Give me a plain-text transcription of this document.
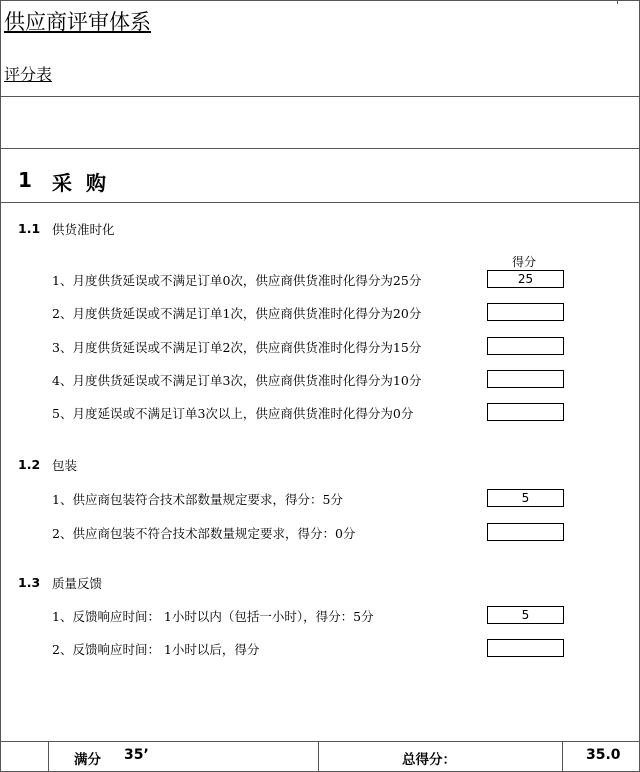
供应商评审体系
评分表
1 采购
得分
1.1 供货准时化
1、月度供货延误或不满足订单0次，供应商供货准时化得分为25分	25
2、月度供货延误或不满足订单1次，供应商供货准时化得分为20分
3、月度供货延误或不满足订单2次，供应商供货准时化得分为15分
4、月度供货延误或不满足订单3次，供应商供货准时化得分为10分
5、月度延误或不满足订单3次以上，供应商供货准时化得分为0分
1.2 包装
1、供应商包装符合技术部数量规定要求，得分：5分	5
2、供应商包装不符合技术部数量规定要求，得分：0分
1.3 质量反馈
1、反馈响应时间： 1小时以内（包括一小时），得分：5分	5
2、反馈响应时间： 1小时以后，得分
满分 35’	总得分：	35.0
